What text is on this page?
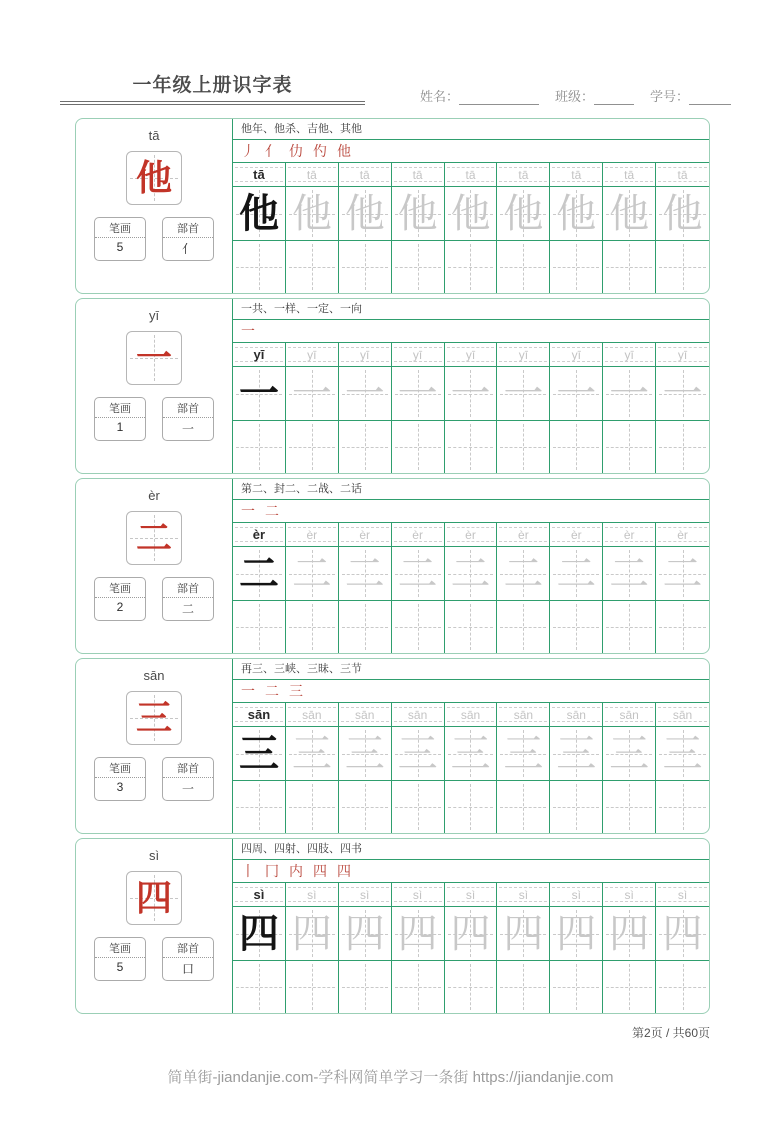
一年级上册识字表
姓名：	班级：	学号：
tā
他
笔画
5
部首
亻
他年、他杀、吉他、其他
丿 亻 仂 仢 他
tā	tā	tā	tā	tā	tā	tā	tā	tā
他 他 他 他 他 他 他 他 他
yī
一
笔画
1
部首
一
一共、一样、一定、一向
一
yī	yī	yī	yī	yī	yī	yī	yī	yī
一 一 一 一 一 一 一 一 一
èr
二
笔画
2
部首
二
第二、封二、二战、二话
一 二
èr	èr	èr	èr	èr	èr	èr	èr	èr
二 二 二 二 二 二 二 二 二
sān
三
笔画
3
部首
一
再三、三峡、三昧、三节
一 二 三
sān	sān	sān	sān	sān	sān	sān	sān	sān
三 三 三 三 三 三 三 三 三
sì
四
笔画
5
部首
口
四周、四射、四肢、四书
丨 冂 内 四 四
sì	sì	sì	sì	sì	sì	sì	sì	sì
四 四 四 四 四 四 四 四 四
第2页 / 共60页
简单街-jiandanjie.com-学科网简单学习一条街 https://jiandanjie.com
